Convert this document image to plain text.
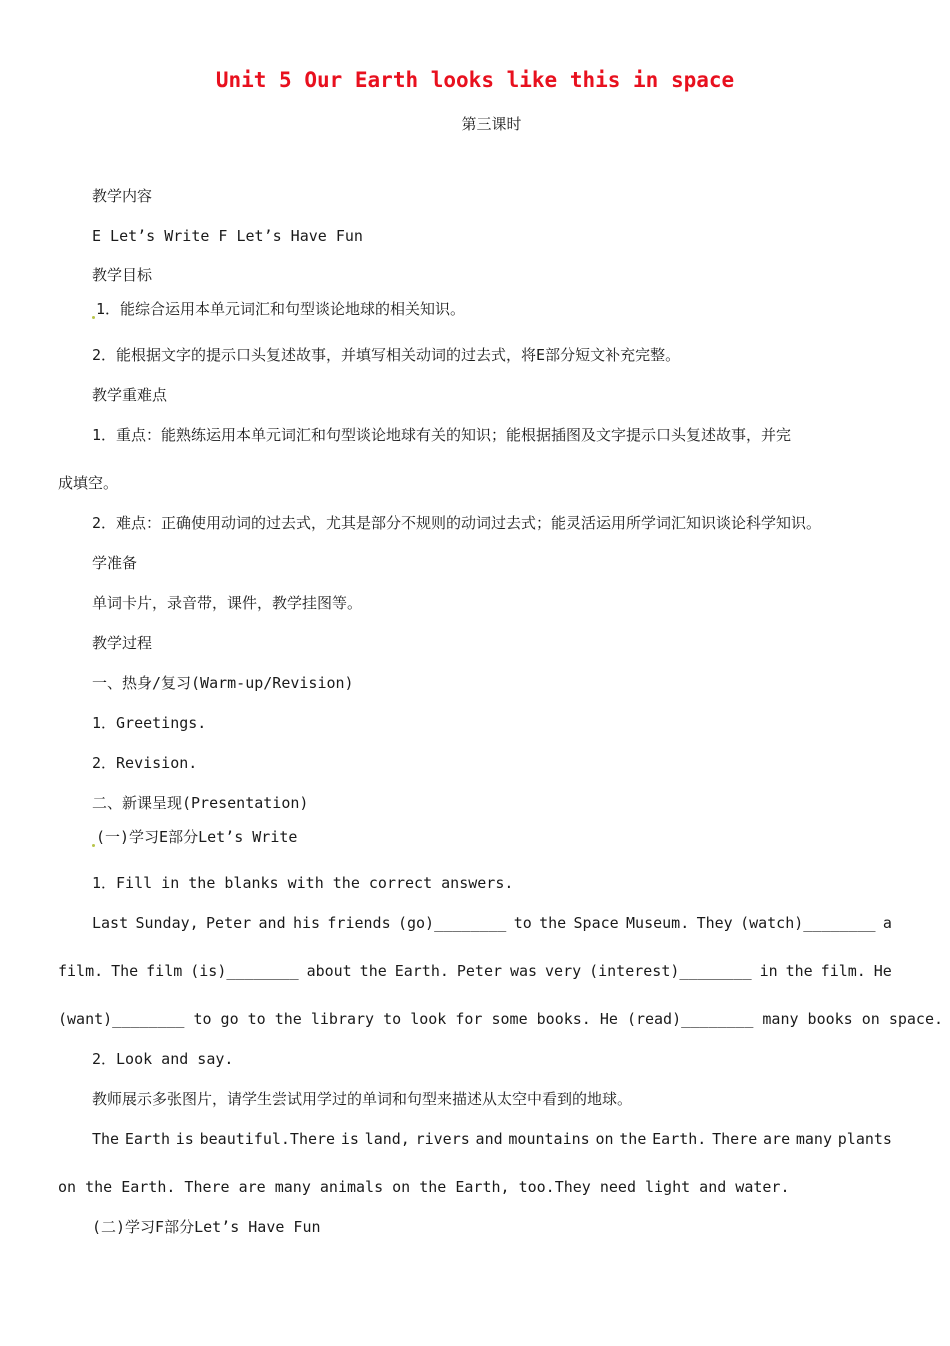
Unit 5 Our Earth looks like this in space
第三课时
教学内容
E Let’s Write F Let’s Have Fun
教学目标
1．能综合运用本单元词汇和句型谈论地球的相关知识。
2．能根据文字的提示口头复述故事，并填写相关动词的过去式，将E部分短文补充完整。
教学重难点
1．重点：能熟练运用本单元词汇和句型谈论地球有关的知识；能根据插图及文字提示口头复述故事，并完
成填空。
2．难点：正确使用动词的过去式，尤其是部分不规则的动词过去式；能灵活运用所学词汇知识谈论科学知识。
学准备
单词卡片，录音带，课件，教学挂图等。
教学过程
一、热身/复习(Warm-up/Revision)
1．Greetings.
2．Revision.
二、新课呈现(Presentation)
(一)学习E部分Let’s Write
1．Fill in the blanks with the correct answers.
Last Sunday, Peter and his friends (go)________ to the Space Museum. They (watch)________ a
film. The film (is)________ about the Earth. Peter was very (interest)________ in the film. He
(want)________ to go to the library to look for some books. He (read)________ many books on space.
2．Look and say.
教师展示多张图片，请学生尝试用学过的单词和句型来描述从太空中看到的地球。
The Earth is beautiful.There is land, rivers and mountains on the Earth. There are many plants
on the Earth. There are many animals on the Earth, too.They need light and water.
(二)学习F部分Let’s Have Fun
